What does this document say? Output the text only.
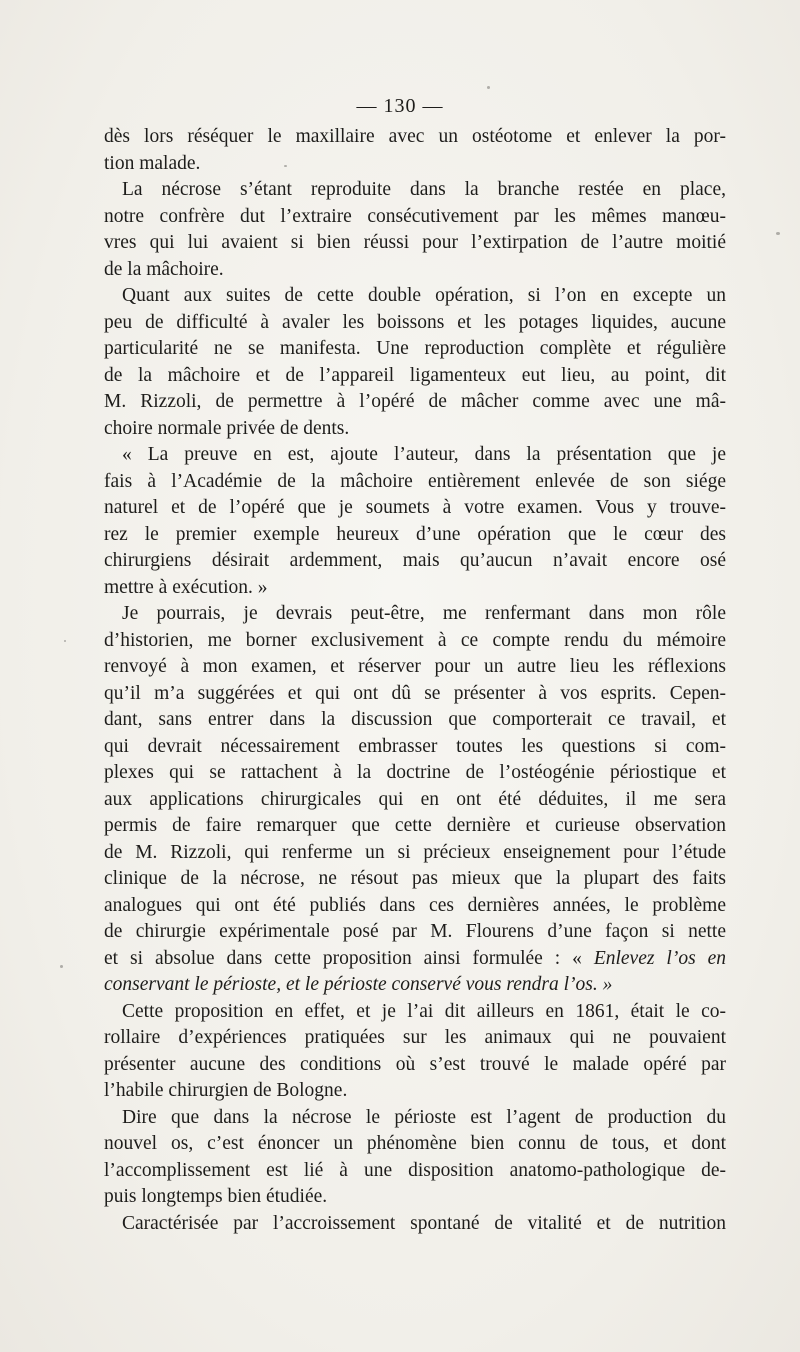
— 130 —
dès lors réséquer le maxillaire avec un ostéotome et enlever la por-
tion malade.
La nécrose s’étant reproduite dans la branche restée en place,
notre confrère dut l’extraire consécutivement par les mêmes manœu-
vres qui lui avaient si bien réussi pour l’extirpation de l’autre moitié
de la mâchoire.
Quant aux suites de cette double opération, si l’on en excepte un
peu de difficulté à avaler les boissons et les potages liquides, aucune
particularité ne se manifesta. Une reproduction complète et régulière
de la mâchoire et de l’appareil ligamenteux eut lieu, au point, dit
M. Rizzoli, de permettre à l’opéré de mâcher comme avec une mâ-
choire normale privée de dents.
« La preuve en est, ajoute l’auteur, dans la présentation que je
fais à l’Académie de la mâchoire entièrement enlevée de son siége
naturel et de l’opéré que je soumets à votre examen. Vous y trouve-
rez le premier exemple heureux d’une opération que le cœur des
chirurgiens désirait ardemment, mais qu’aucun n’avait encore osé
mettre à exécution. »
Je pourrais, je devrais peut-être, me renfermant dans mon rôle
d’historien, me borner exclusivement à ce compte rendu du mémoire
renvoyé à mon examen, et réserver pour un autre lieu les réflexions
qu’il m’a suggérées et qui ont dû se présenter à vos esprits. Cepen-
dant, sans entrer dans la discussion que comporterait ce travail, et
qui devrait nécessairement embrasser toutes les questions si com-
plexes qui se rattachent à la doctrine de l’ostéogénie périostique et
aux applications chirurgicales qui en ont été déduites, il me sera
permis de faire remarquer que cette dernière et curieuse observation
de M. Rizzoli, qui renferme un si précieux enseignement pour l’étude
clinique de la nécrose, ne résout pas mieux que la plupart des faits
analogues qui ont été publiés dans ces dernières années, le problème
de chirurgie expérimentale posé par M. Flourens d’une façon si nette
et si absolue dans cette proposition ainsi formulée : « Enlevez l’os en
conservant le périoste, et le périoste conservé vous rendra l’os. »
Cette proposition en effet, et je l’ai dit ailleurs en 1861, était le co-
rollaire d’expériences pratiquées sur les animaux qui ne pouvaient
présenter aucune des conditions où s’est trouvé le malade opéré par
l’habile chirurgien de Bologne.
Dire que dans la nécrose le périoste est l’agent de production du
nouvel os, c’est énoncer un phénomène bien connu de tous, et dont
l’accomplissement est lié à une disposition anatomo-pathologique de-
puis longtemps bien étudiée.
Caractérisée par l’accroissement spontané de vitalité et de nutrition
